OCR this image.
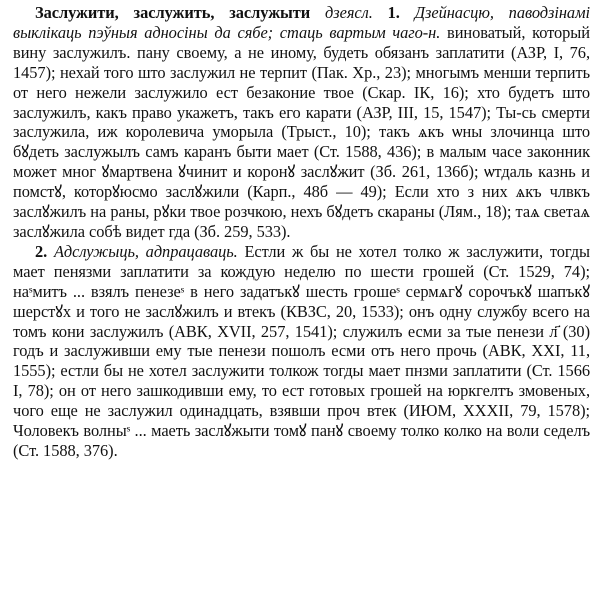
Заслужити, заслужить, заслужыти дзеясл. 1. Дзейнасцю, паводзінамі выклікаць пэўныя адносіны да сябе; стаць вартым чаго-н. виноватый, который вину заслужилъ. пану своему, а не иному, будеть обязанъ заплатити (АЗР, I, 76, 1457); нехай того што заслужил не терпит (Пак. Хр., 23); многымъ менши терпить от него нежели заслужило ест безаконие твое (Скар. IК, 16); хто будетъ што заслужилъ, какъ право укажетъ, такъ его карати (АЗР, III, 15, 1547); Ты-сь смерти заслужила, иж королевича уморыла (Трыст., 10); такъ ѧкъ ѡны злочинца што бꙋдеть заслужылъ самъ каранъ быти мает (Ст. 1588, 436); в малым часе законник может мног ꙋмартвена ꙋчинит и коронꙋ заслꙋжит (Зб. 261, 136б); ѡтдаль казнь и помстꙋ, которꙋюсмо заслꙋжили (Карп., 48б — 49); Если хто з них ѧкъ члвкъ заслꙋжилъ на раны, рꙋки твое розчкою, нехъ бꙋдетъ скараны (Лям., 18); таѧ светаѧ заслꙋжила собѣ видет гда (Зб. 259, 533).

2. Адслужыць, адпрацаваць. Естли ж бы не хотел толко ж заслужити, тогды мает пенязми заплатити за кождую неделю по шести грошей (Ст. 1529, 74); наˢмитъ ... взялъ пенезеˢ в него задатъкꙋ шесть грошеˢ сермѧгꙋ сорочъкꙋ шапъкꙋ шерстꙋх и того не заслꙋжилъ и втекъ (КВЗС, 20, 1533); онъ одну службу всего на томъ кони заслужилъ (АВК, XVII, 257, 1541); служилъ есми за тые пенези л҃ (30) годъ и заслуживши ему тые пенези пошолъ есми отъ него прочь (АВК, XXI, 11, 1555); естли бы не хотел заслужити толкож тогды мает пнзми заплатити (Ст. 1566 I, 78); он от него зашкодивши ему, то ест готовых грошей на юркгелтъ змовеных, чого еще не заслужил одинадцать, взявши проч втек (ИЮМ, XXXII, 79, 1578); Чоловекъ волныˢ ... маеть заслꙋжыти томꙋ панꙋ своему толко колко на воли седелъ (Ст. 1588, 376).
